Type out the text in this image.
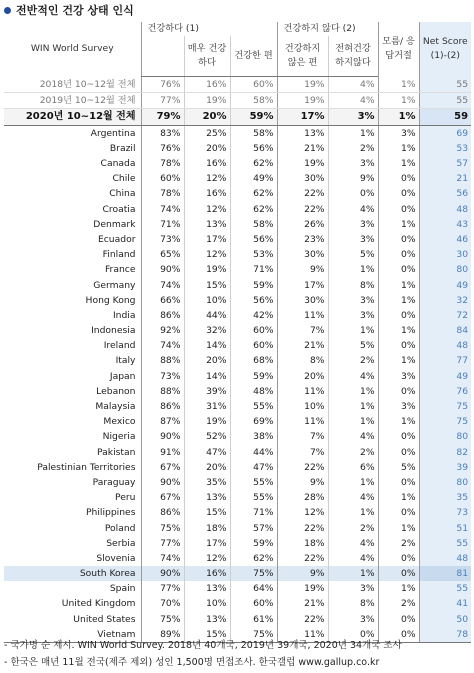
전반적인 건강 상태 인식
WIN World Survey	건강하다 (1)			건강하지 않다 (2)		모름/ 응답거절	Net Score (1)-(2)
		매우 건강하다	건강한 편	건강하지 않은 편	전혀건강 하지않다		
2018년 10~12월 전체	76%	16%	60%	19%	4%	1%	55
2019년 10~12월 전체	77%	19%	58%	19%	4%	1%	55
2020년 10~12월 전체	79%	20%	59%	17%	3%	1%	59
Argentina	83%	25%	58%	13%	1%	3%	69
Brazil	76%	20%	56%	21%	2%	1%	53
Canada	78%	16%	62%	19%	3%	1%	57
Chile	60%	12%	49%	30%	9%	0%	21
China	78%	16%	62%	22%	0%	0%	56
Croatia	74%	12%	62%	22%	4%	0%	48
Denmark	71%	13%	58%	26%	3%	1%	43
Ecuador	73%	17%	56%	23%	3%	0%	46
Finland	65%	12%	53%	30%	5%	0%	30
France	90%	19%	71%	9%	1%	0%	80
Germany	74%	15%	59%	17%	8%	1%	49
Hong Kong	66%	10%	56%	30%	3%	1%	32
India	86%	44%	42%	11%	3%	0%	72
Indonesia	92%	32%	60%	7%	1%	1%	84
Ireland	74%	14%	60%	21%	5%	0%	48
Italy	88%	20%	68%	8%	2%	1%	77
Japan	73%	14%	59%	20%	4%	3%	49
Lebanon	88%	39%	48%	11%	1%	0%	76
Malaysia	86%	31%	55%	10%	1%	3%	75
Mexico	87%	19%	69%	11%	1%	1%	75
Nigeria	90%	52%	38%	7%	4%	0%	80
Pakistan	91%	47%	44%	7%	2%	0%	82
Palestinian Territories	67%	20%	47%	22%	6%	5%	39
Paraguay	90%	35%	55%	9%	1%	0%	80
Peru	67%	13%	55%	28%	4%	1%	35
Philippines	86%	15%	71%	12%	1%	0%	73
Poland	75%	18%	57%	22%	2%	1%	51
Serbia	77%	17%	59%	18%	4%	2%	55
Slovenia	74%	12%	62%	22%	4%	0%	48
South Korea	90%	16%	75%	9%	1%	0%	81
Spain	77%	13%	64%	19%	3%	1%	55
United Kingdom	70%	10%	60%	21%	8%	2%	41
United States	75%	13%	61%	22%	3%	0%	50
Vietnam	89%	15%	75%	11%	0%	0%	78
- 국가명 순 제시. WIN World Survey. 2018년 40개국, 2019년 39개국, 2020년 34개국 조사
- 한국은 매년 11월 전국(제주 제외) 성인 1,500명 면접조사. 한국갤럽 www.gallup.co.kr
